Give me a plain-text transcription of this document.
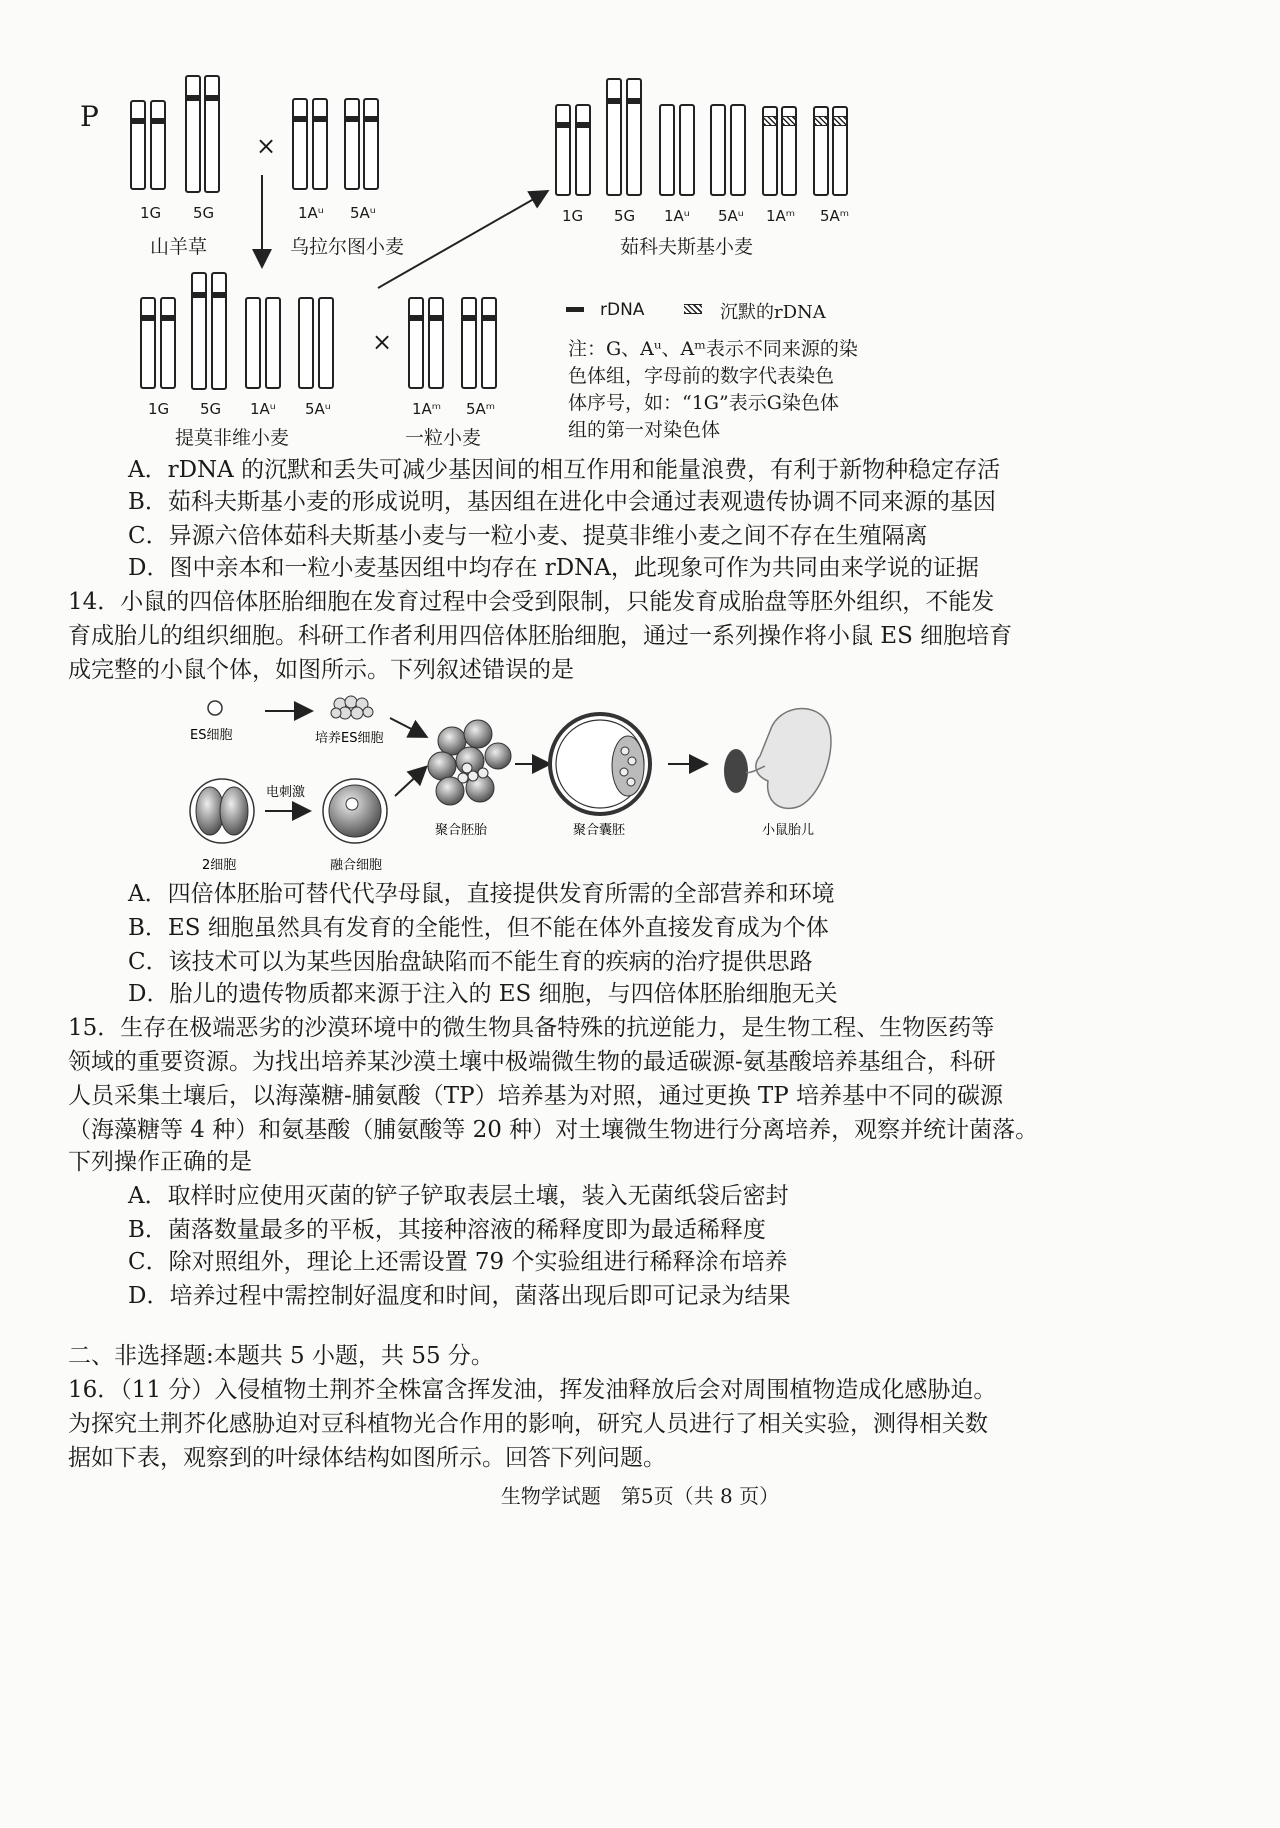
P
1G 5G
山羊草
×
1Aᵘ 5Aᵘ
乌拉尔图小麦
1G 5G 1Aᵘ 5Aᵘ 1Aᵐ 5Aᵐ
茹科夫斯基小麦
1G 5G 1Aᵘ 5Aᵘ
提莫非维小麦
×
1Aᵐ 5Aᵐ
一粒小麦
rDNA	沉默的rDNA
注：G、Aᵘ、Aᵐ表示不同来源的染
色体组，字母前的数字代表染色
体序号，如：“1G”表示G染色体
组的第一对染色体
A．rDNA 的沉默和丢失可减少基因间的相互作用和能量浪费，有利于新物种稳定存活
B．茹科夫斯基小麦的形成说明，基因组在进化中会通过表观遗传协调不同来源的基因
C．异源六倍体茹科夫斯基小麦与一粒小麦、提莫非维小麦之间不存在生殖隔离
D．图中亲本和一粒小麦基因组中均存在 rDNA，此现象可作为共同由来学说的证据
14．小鼠的四倍体胚胎细胞在发育过程中会受到限制，只能发育成胎盘等胚外组织，不能发
育成胎儿的组织细胞。科研工作者利用四倍体胚胎细胞，通过一系列操作将小鼠 ES 细胞培育
成完整的小鼠个体，如图所示。下列叙述错误的是
ES细胞	培养ES细胞
电刺激
2细胞	融合细胞
聚合胚胎	聚合囊胚	小鼠胎儿
A．四倍体胚胎可替代代孕母鼠，直接提供发育所需的全部营养和环境
B．ES 细胞虽然具有发育的全能性，但不能在体外直接发育成为个体
C．该技术可以为某些因胎盘缺陷而不能生育的疾病的治疗提供思路
D．胎儿的遗传物质都来源于注入的 ES 细胞，与四倍体胚胎细胞无关
15．生存在极端恶劣的沙漠环境中的微生物具备特殊的抗逆能力，是生物工程、生物医药等
领域的重要资源。为找出培养某沙漠土壤中极端微生物的最适碳源-氨基酸培养基组合，科研
人员采集土壤后，以海藻糖-脯氨酸（TP）培养基为对照，通过更换 TP 培养基中不同的碳源
（海藻糖等 4 种）和氨基酸（脯氨酸等 20 种）对土壤微生物进行分离培养，观察并统计菌落。
下列操作正确的是
A．取样时应使用灭菌的铲子铲取表层土壤，装入无菌纸袋后密封
B．菌落数量最多的平板，其接种溶液的稀释度即为最适稀释度
C．除对照组外，理论上还需设置 79 个实验组进行稀释涂布培养
D．培养过程中需控制好温度和时间，菌落出现后即可记录为结果
二、非选择题:本题共 5 小题，共 55 分。
16．（11 分）入侵植物土荆芥全株富含挥发油，挥发油释放后会对周围植物造成化感胁迫。
为探究土荆芥化感胁迫对豆科植物光合作用的影响，研究人员进行了相关实验，测得相关数
据如下表，观察到的叶绿体结构如图所示。回答下列问题。
生物学试题　第5页（共 8 页）
